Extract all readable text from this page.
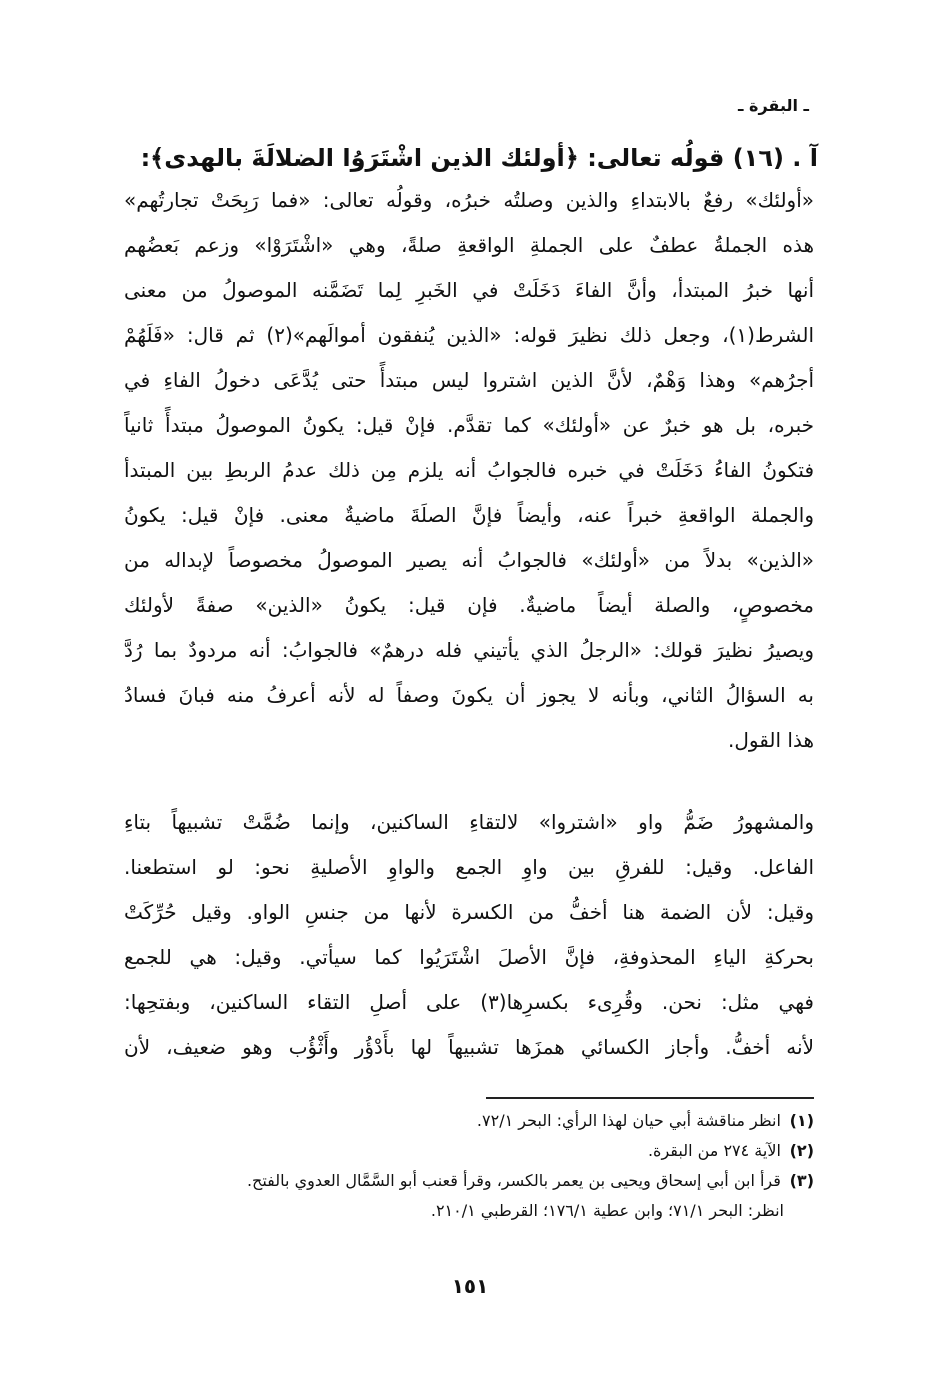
ـ البقرة ـ
آ . (١٦) قولُه تعالى: ﴿أولئك الذين اشْتَرَوُا الضلالَةَ بالهدى﴾:
«أولئك» رفعٌ بالابتداءِ والذين وصلتُه خبرُه، وقولُه تعالى: «فما رَبِحَتْ تجارتُهم»
هذه الجملةُ عطفٌ على الجملةِ الواقعةِ صلةً، وهي «اشْتَرَوْا» وزعم بَعضُهم
أنها خبرُ المبتدأ، وأنَّ الفاءَ دَخَلَتْ في الخَبرِ لِما تَضَمَّنه الموصولُ من معنى
الشرط(١)، وجعل ذلك نظيرَ قوله: «الذين يُنفقون أموالَهم»(٢) ثم قال: «فَلَهُمْ
أجرُهم» وهذا وَهْمٌ، لأنَّ الذين اشتروا ليس مبتدأً حتى يُدَّعَى دخولُ الفاءِ في
خبره، بل هو خبرٌ عن «أولئك» كما تقدَّم. فإنْ قيل: يكونُ الموصولُ مبتدأً ثانياً
فتكونُ الفاءُ دَخَلَتْ في خبره فالجوابُ أنه يلزم مِن ذلك عدمُ الربطِ بين المبتدأ
والجملة الواقعةِ خبراً عنه، وأيضاً فإنَّ الصلَةَ ماضيةٌ معنى. فإنْ قيل: يكونُ
«الذين» بدلاً من «أولئك» فالجوابُ أنه يصير الموصولُ مخصوصاً لإبداله من
مخصوصٍ، والصلة أيضاً ماضيةٌ. فإن قيل: يكونُ «الذين» صفةً لأولئك
ويصيرُ نظيرَ قولك: «الرجلُ الذي يأتيني فله درهمٌ» فالجوابُ: أنه مردودٌ بما رُدَّ
به السؤالُ الثاني، وبأنه لا يجوز أن يكونَ وصفاً له لأنه أعرفُ منه فبانَ فسادُ
هذا القول.
والمشهورُ ضَمُّ واو «اشتروا» لالتقاءِ الساكنين، وإنما ضُمَّتْ تشبيهاً بتاءِ
الفاعل. وقيل: للفرقِ بين واوِ الجمع والواوِ الأصليةِ نحو: لو استطعنا.
وقيل: لأن الضمة هنا أخفُّ من الكسرة لأنها من جنسِ الواو. وقيل حُرِّكَتْ
بحركةِ الياءِ المحذوفةِ، فإنَّ الأصلَ اشْتَرَيُوا كما سيأتي. وقيل: هي للجمع
فهي مثل: نحن. وقُرِىء بكسرِها(٣) على أصلِ التقاء الساكنين، وبفتحِها:
لأنه أخفُّ. وأجاز الكسائي همزَها تشبيهاً لها بأَدْؤُر وأَثْؤُب وهو ضعيف، لأن
(١) انظر مناقشة أبي حيان لهذا الرأي: البحر ٧٢/١.
(٢) الآية ٢٧٤ من البقرة.
(٣) قرأ ابن أبي إسحاق ويحيى بن يعمر بالكسر، وقرأ قعنب أبو السَّمَّال العدوي بالفتح.
انظر: البحر ٧١/١؛ وابن عطية ١٧٦/١؛ القرطبي ٢١٠/١.
١٥١
